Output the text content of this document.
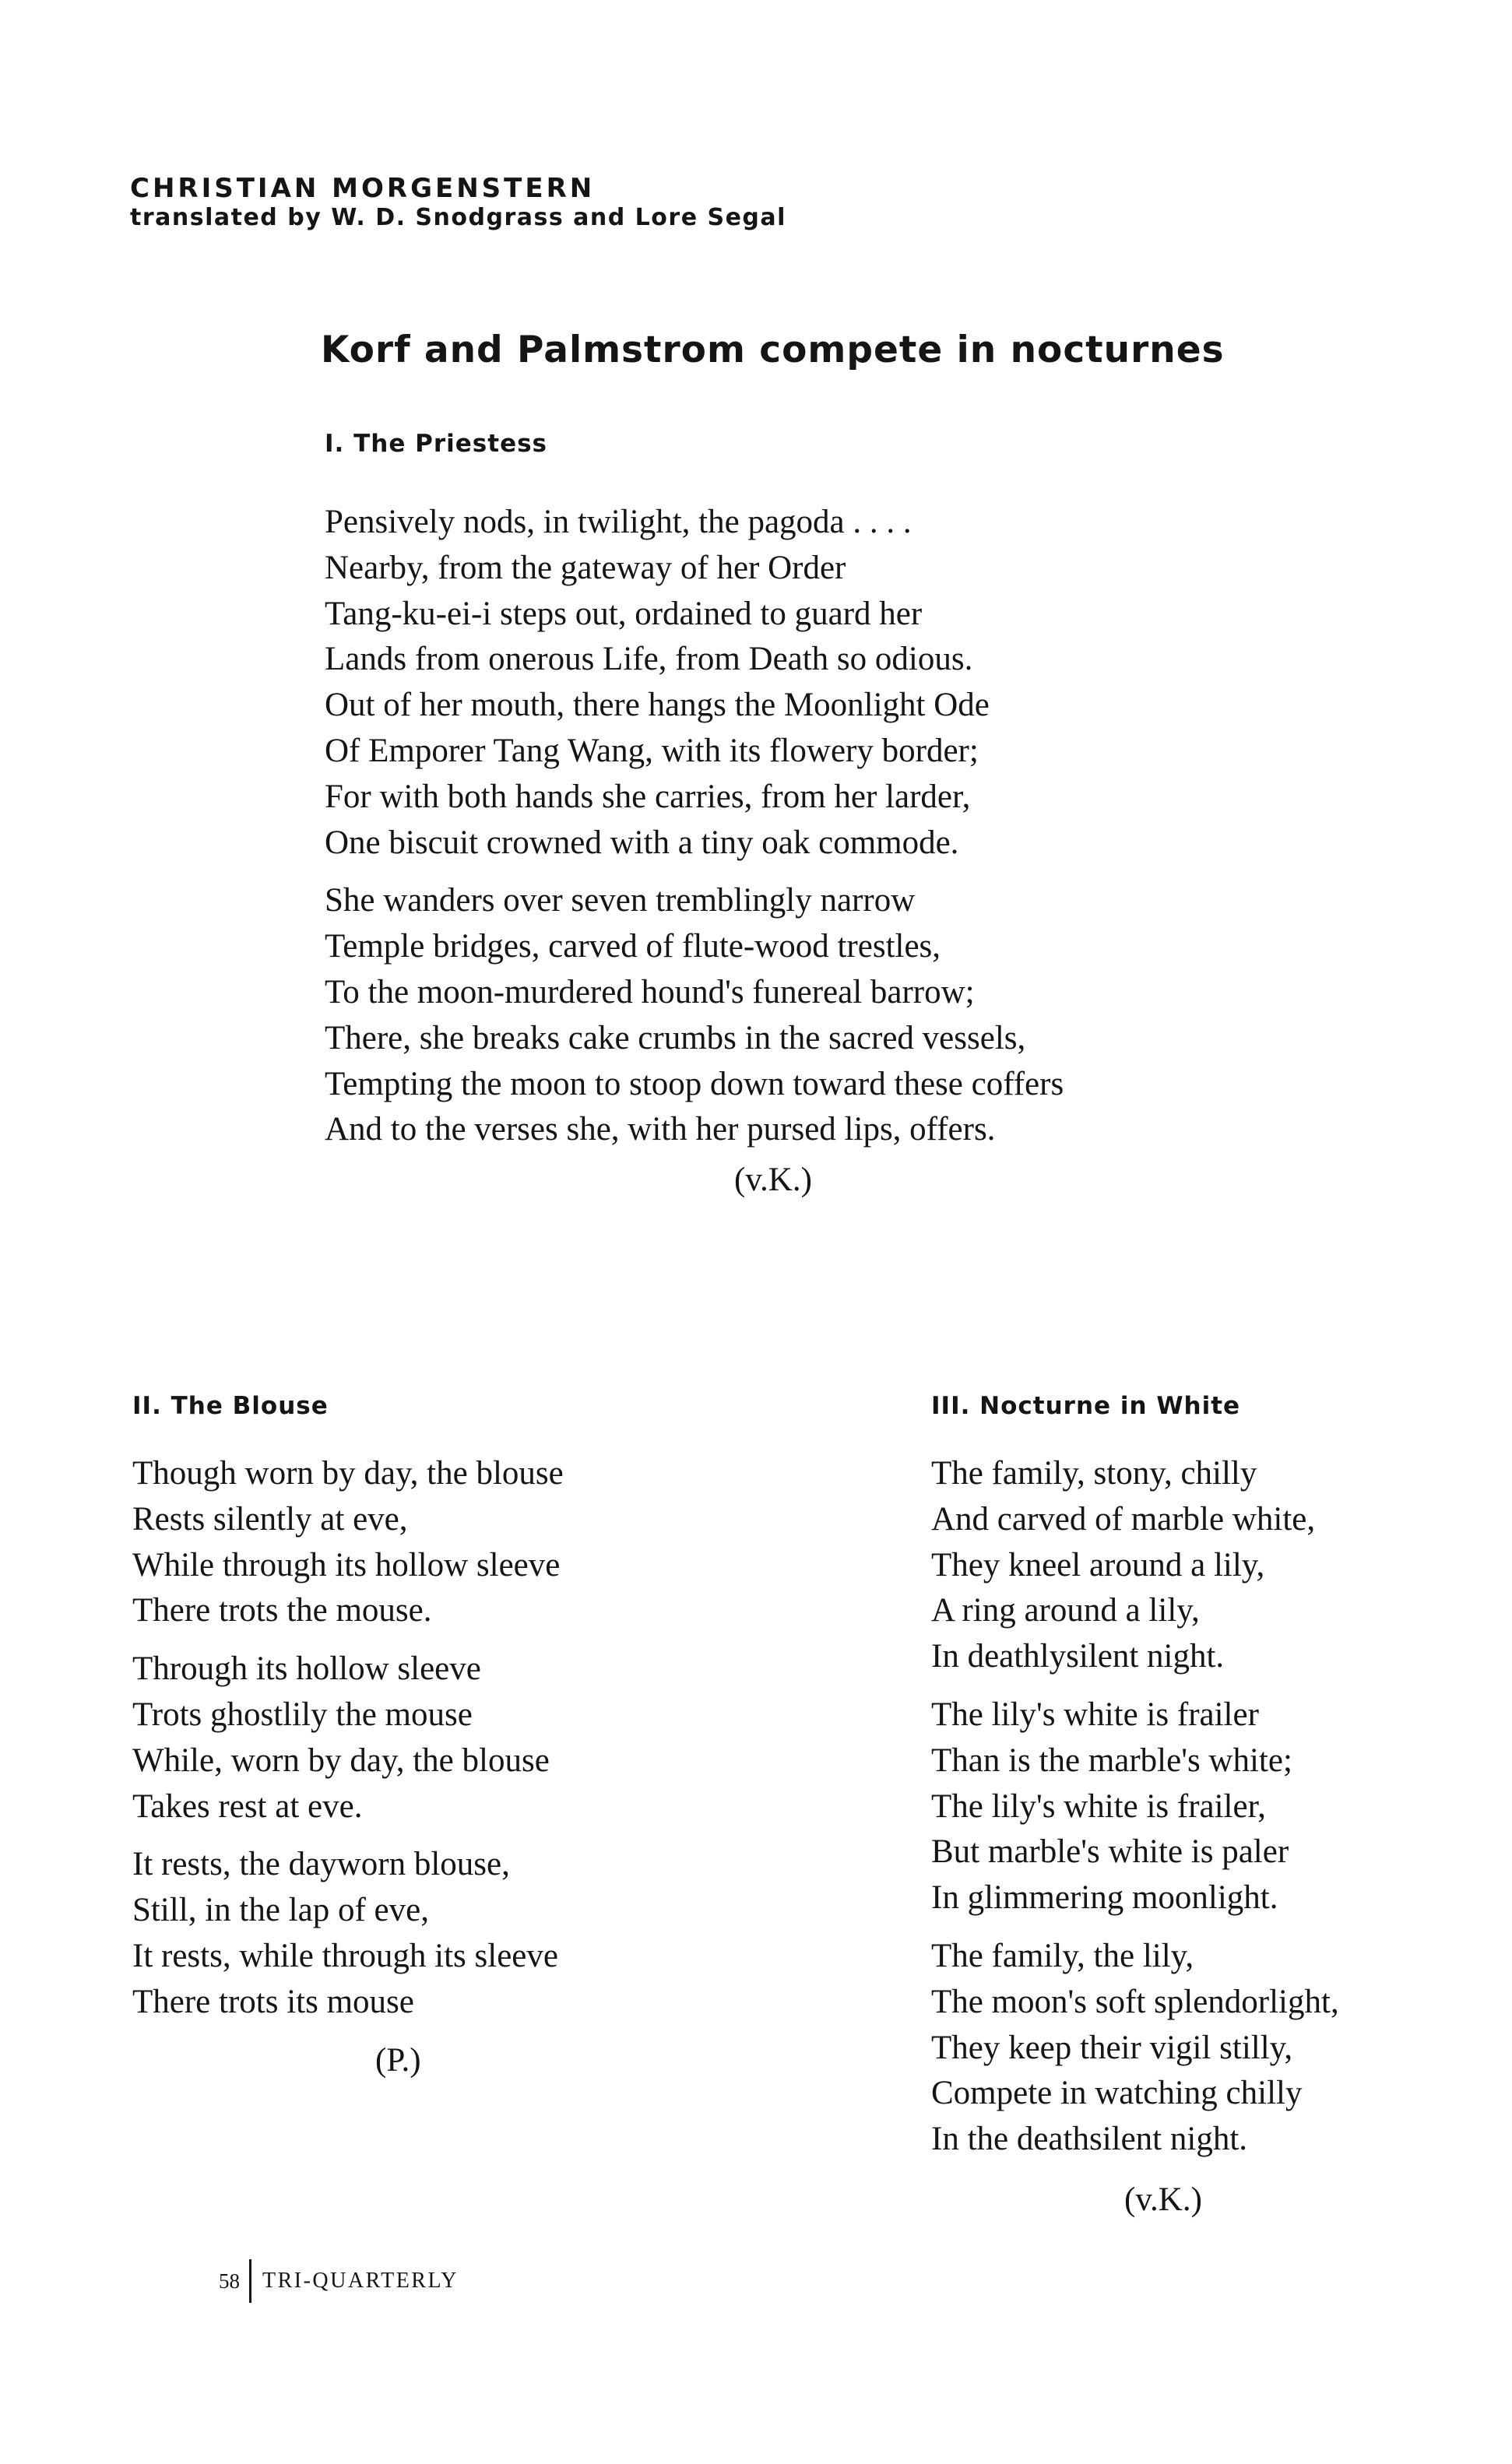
CHRISTIAN MORGENSTERN
translated by W. D. Snodgrass and Lore Segal
Korf and Palmstrom compete in nocturnes
I. The Priestess
Pensively nods, in twilight, the pagoda . . . .
Nearby, from the gateway of her Order
Tang-ku-ei-i steps out, ordained to guard her
Lands from onerous Life, from Death so odious.
Out of her mouth, there hangs the Moonlight Ode
Of Emporer Tang Wang, with its flowery border;
For with both hands she carries, from her larder,
One biscuit crowned with a tiny oak commode.
She wanders over seven tremblingly narrow
Temple bridges, carved of flute-wood trestles,
To the moon-murdered hound's funereal barrow;
There, she breaks cake crumbs in the sacred vessels,
Tempting the moon to stoop down toward these coffers
And to the verses she, with her pursed lips, offers.
(v.K.)
II. The Blouse
Though worn by day, the blouse
Rests silently at eve,
While through its hollow sleeve
There trots the mouse.
Through its hollow sleeve
Trots ghostlily the mouse
While, worn by day, the blouse
Takes rest at eve.
It rests, the dayworn blouse,
Still, in the lap of eve,
It rests, while through its sleeve
There trots its mouse
(P.)
III. Nocturne in White
The family, stony, chilly
And carved of marble white,
They kneel around a lily,
A ring around a lily,
In deathlysilent night.
The lily's white is frailer
Than is the marble's white;
The lily's white is frailer,
But marble's white is paler
In glimmering moonlight.
The family, the lily,
The moon's soft splendorlight,
They keep their vigil stilly,
Compete in watching chilly
In the deathsilent night.
(v.K.)
58	TRI-QUARTERLY
